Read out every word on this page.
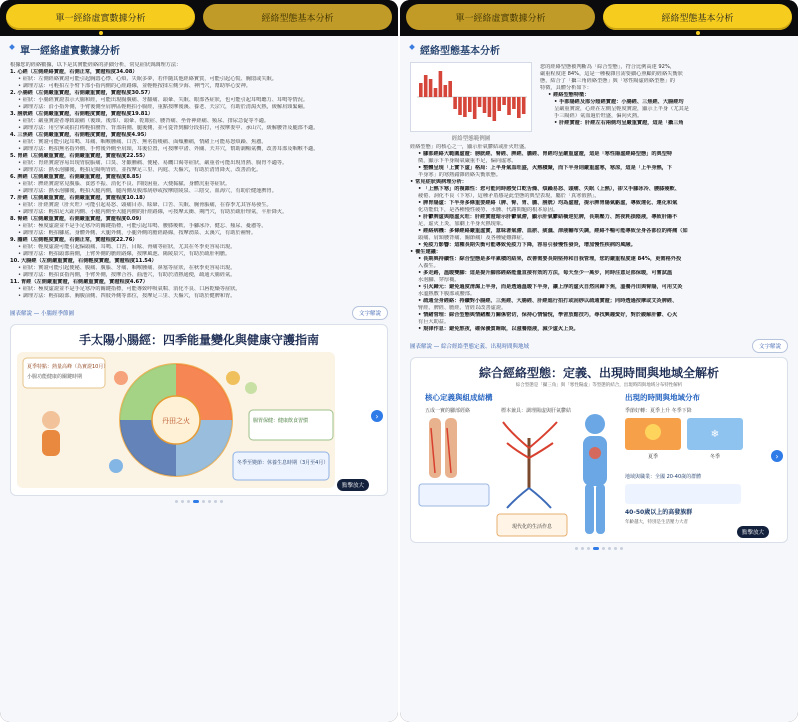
單一經絡虛實數據分析	經絡型態基本分析
單一經絡虛實數據分析
根據您的經絡數據，以下是其實能經絡的詳細分析，常見症狀與調理方法：
1. 心經（左側經絡實證，右側正常，實證程度34.08）
• 症狀：左側經絡實證可能引起胸悶心悸、心煩、失眠多夢，若伴隨其他經絡實質，可能引起心慌、胸悶或失眠。
• 調理方法：可輕拍左手臂下部小指內側的心經路線，並輕輕按揉左側少海、神門穴，幫助寧心安神。
2. 小腸經（左側嚴重實證，右側嚴重實證，實證程度30.57）
• 症狀：小腸經實證表示大腸和經，可能出現腸腹痛、牙齦痛、頭暈、失眠、眼部各症狀，也可能引起耳鳴聽力、耳鳴等情況。
• 調理方法：沿小指外側，手臂後側至肩胛區輕輕拍小腸經，重點按摩後溪、養老、天宗穴，有助於清瀉火熱，緩解肩頸緊繃。
3. 膀胱經（左側嚴重實證，右側輕度實證，實證程度19.81）
• 症狀：嚴重實證者導致頭痛（後頸、後部）、頭暈、乾眼症、腰背痛、坐骨神經痛、頻尿、排尿急促等不適。
• 調理方法：用空掌或拍打棒輕拍腰背、背部兩側、腿後側，並可從背到腳分段拍打，可按摩委中、承山穴，緩解腰背及腿部不適。
4. 三焦經（左側嚴重實證，右側輕度實證，實證程度4.95）
• 症狀：實證可能引起耳鳴、耳痛、咽喉腫痛、口苦、無名指痠痛、面頰腫痛，情緒上可能易怒煩躁、焦慮。
• 調理方法：輕拍無名指外側、手臂後外側至肩頸，耳後位置，可按摩中渚、外關、天井穴，幫助調暢氣機，改善耳部及咽喉不適。
5. 胃經（左側嚴重實證，右側嚴重實證，實證程度22.55）
• 症狀：胃經實證容易出現胃脘脹痛、口臭、牙齦腫痛、便秘、易饑口渴等症狀，嚴重者可能出現胃熱、腸胃不適等。
• 調理方法：熱水泡腳後，輕拍足陽明胃經，並按摩足三里、內庭、天樞穴，有助於清胃降火，改善消化。
6. 脾經（左側嚴重實證，右側嚴重實證，實證程度8.85）
• 症狀：脾經實證常見腹脹、食慾不振、消化不良、四肢困重、大便黏膩、身體沉重等症狀。
• 調理方法：熱水泡腳後，輕拍大腿內側，腿內側及腹部刮痧或按摩陰陵泉、三陰交、血海穴，有助於健運脾胃。
7. 肝經（左側嚴重實證，右側嚴重實證，實證程度10.18）
• 症狀：肝經實證（肝火旺）可能引起易怒、頭痛目赤、眩暈、口苦、失眠、胸脅脹痛，在春季尤其容易發生。
• 調理方法：輕拍足大趾內側、小腿內側至大腿內側的肝經路線，可按摩太衝、期門穴，有助於疏肝理氣，平肝降火。
8. 腎經（左側嚴重實證，右側嚴重實證，實證程度0.09）
• 症狀：極度虛證並不是手足寒冷的關鍵指標，可能引起耳鳴、腰膝痠軟、手腳冰冷、健忘、頻尿、憂慮等。
• 調理方法：輕拍腳底、身體外側、大腿外側，小腿外側的膽經路線，按摩湧泉、太溪穴，有助於補腎。
9. 膽經（左側輕度實證，右側正常，實證程度22.76）
• 症狀：輕度虛證可能引起偏頭痛、耳鳴、口苦、目眩、脅痛等症狀，尤其在冬季更容易出現。
• 調理方法：輕拍頭部兩側，上臂外側的膽經路線，按摩風池、陽陵泉穴，有助於疏肝利膽。
10. 大腸經（左側嚴重實證，右側輕度實證，實證程度11.54）
• 症狀：實證可能引起便秘、腹痛、腹脹、牙痛、咽喉腫痛、鼻塞等症狀，在秋季更容易出現。
• 調理方法：輕拍食指內側，手臂外側，按摩合谷、曲池穴，有助於清熱通便，疏通大腸經氣。
11. 胃經（左側嚴重實證，右側嚴重實證，實證程度4.67）
• 症狀：極度虛證並不是手足寒冷的關鍵指標，可能導致呼吸氣喘、消化不良、口唇乾燥等症狀。
• 調理方法：輕拍頭部、胸腹前側、四肢外側等部位，按摩足三里、天樞穴，有助於健脾和胃。
圖表解說 — 小腸經季節圖	文字解說
手太陽小腸經：四季能量變化與健康守護指南
丹田之火
夏季特點：熱量高峰（為實證10月）
小腸功能健康的關鍵時期
腸胃保健：健康飲食習慣
冬季至變節：休養生息時期（3月至4月）
›
點擊放大
單一經絡虛實數據分析	經絡型態基本分析
經絡型態基本分析
經絡型態範例圖
您的經絡型態被判斷為「綜合型態」，符合比例高達 92%，
嚴重程度達 84%，這是一種複雜且需要細心照顧的經絡失衡狀
態，結合了「攝三角經絡型態」與「寒性陽虛經絡型態」的
特徵，具體分析如下：
• 經絡型態特徵：
• 手部陽經及部分陰經實證：小腸經、三焦經、大腸經均
呈嚴重實證，心經在左側呈輕度實證，顯示上半身（尤其是
手三陽經）氣血過於旺盛，偏向火熱。
• 肝經實證：肝經左右兩側均呈嚴重實證，這是「攝三角
經絡型態」的核心之一，顯示肝氣鬱結或肝火旺盛。
• 腳部經絡大範圍虛證：膀胱經、腎經、脾經、膽經、胃經均呈嚴重虛證，這是「寒性陽虛經絡型態」的典型特
徵，顯示下半身陽氣嚴重不足，偏向虛寒。
• 整體呈現「上實下虛」格局：上半身氣血旺盛，火熱積聚，而下半身則嚴重虛寒，寒涼，這是「上半身熱，下
半身寒」的寒熱錯雜經絡失衡狀態。
• 常見症狀與病理分析：
• 「上熱下寒」的複雜性：您可能同時感受口乾舌燥、煩躁易怒、頭痛、失眠（上熱），卻又手腳冰冷、腰膝痠軟、
疲倦、洞化不良（下寒），這種矛盾感是此型態的典型表現，屬於「真寒假熱」。
• 脾胃陽虛：下半身多條重要經絡（脾、腎、胃、膽、膀胱）均為虛證，提示脾胃陽氣虧虛，導致運化、運化和氣
化功能低下，是各種慢性疲勞、水腫、代謝問題的根本原因。
• 肝鬱脾虛與陰虛火旺：肝經實證暗示肝鬱氣滯，顯示肝氣鬱結橫逆犯脾，長期壓力、熬夜耗損陰液，導致肝陽不
足，虛火上炎，加劇上半身火熱現象。
• 經絡病機：多條經絡嚴重虛實，意味著氣滯、血瘀、痰濕、津液輸布失調，經絡不暢可能導致全身各部位的疼痛（如
頭痛、肩頸腰背痛、關節痛）及各種疑難雜症。
• 免疫力影響：這種長期失衡可能導致免疫力下降，容易引發慢性發炎，增加慢性疾病的風險。
• 養生建議：
• 長期與持續性：綜合型態是多年累積的結果，改善需要長期堅持和自我管理，您的嚴重程度達 84%，更需格外投
入養生。
• 多走路，溫暖雙腳：這是提升腳部經絡能量直接有效的方法，每天至少一萬步，同時注意足部保暖，可嘗試溫
水泡腳、穿厚襪。
• 引火歸元：避免過度清瀉上半身，而是透過溫暖下半身，讓上浮的虛火自然回歸下焦，溫養丹田與腎陽，可用艾灸
水溫熱敷下腹部或腰部。
• 疏通全身經絡：持續對小腸經、三焦經、大腸經、肝經進行拍打或刮痧以疏通實證；同時透過按摩或艾灸脾經、
腎經、脾經、膽經、胃經以改善虛證。
• 情緒管理：綜合型態與情緒壓力關係密切，保持心情愉悅，學習放鬆技巧，尋找興趣愛好，對於緩解肝鬱、心火
有巨大助益。
• 規律作息：避免熬夜，確保優質睡眠，以滋養陰液，減少虛火上炎。
圖表解說 — 綜合經絡型態定義、出現時間與地域	文字解說
綜合經絡型態：定義、出現時間與地域全解析
綜合型態是「攝三角」與「寒性陽虛」等型態的結合，出現時間與地域分布特性解析
核心定義與組成結構
五成一實的腳部經絡	標本兼具：調理陽虛與肝氣鬱結
現代化的生活作息
出現的時間與地域分布
季節好轉：夏季上升 冬季下降
❄
夏季	冬季
地域與職業：全國 20-40歲的群體
40-50歲以上的高發族群
年齡越大，特別是生活壓力大者
›
點擊放大
